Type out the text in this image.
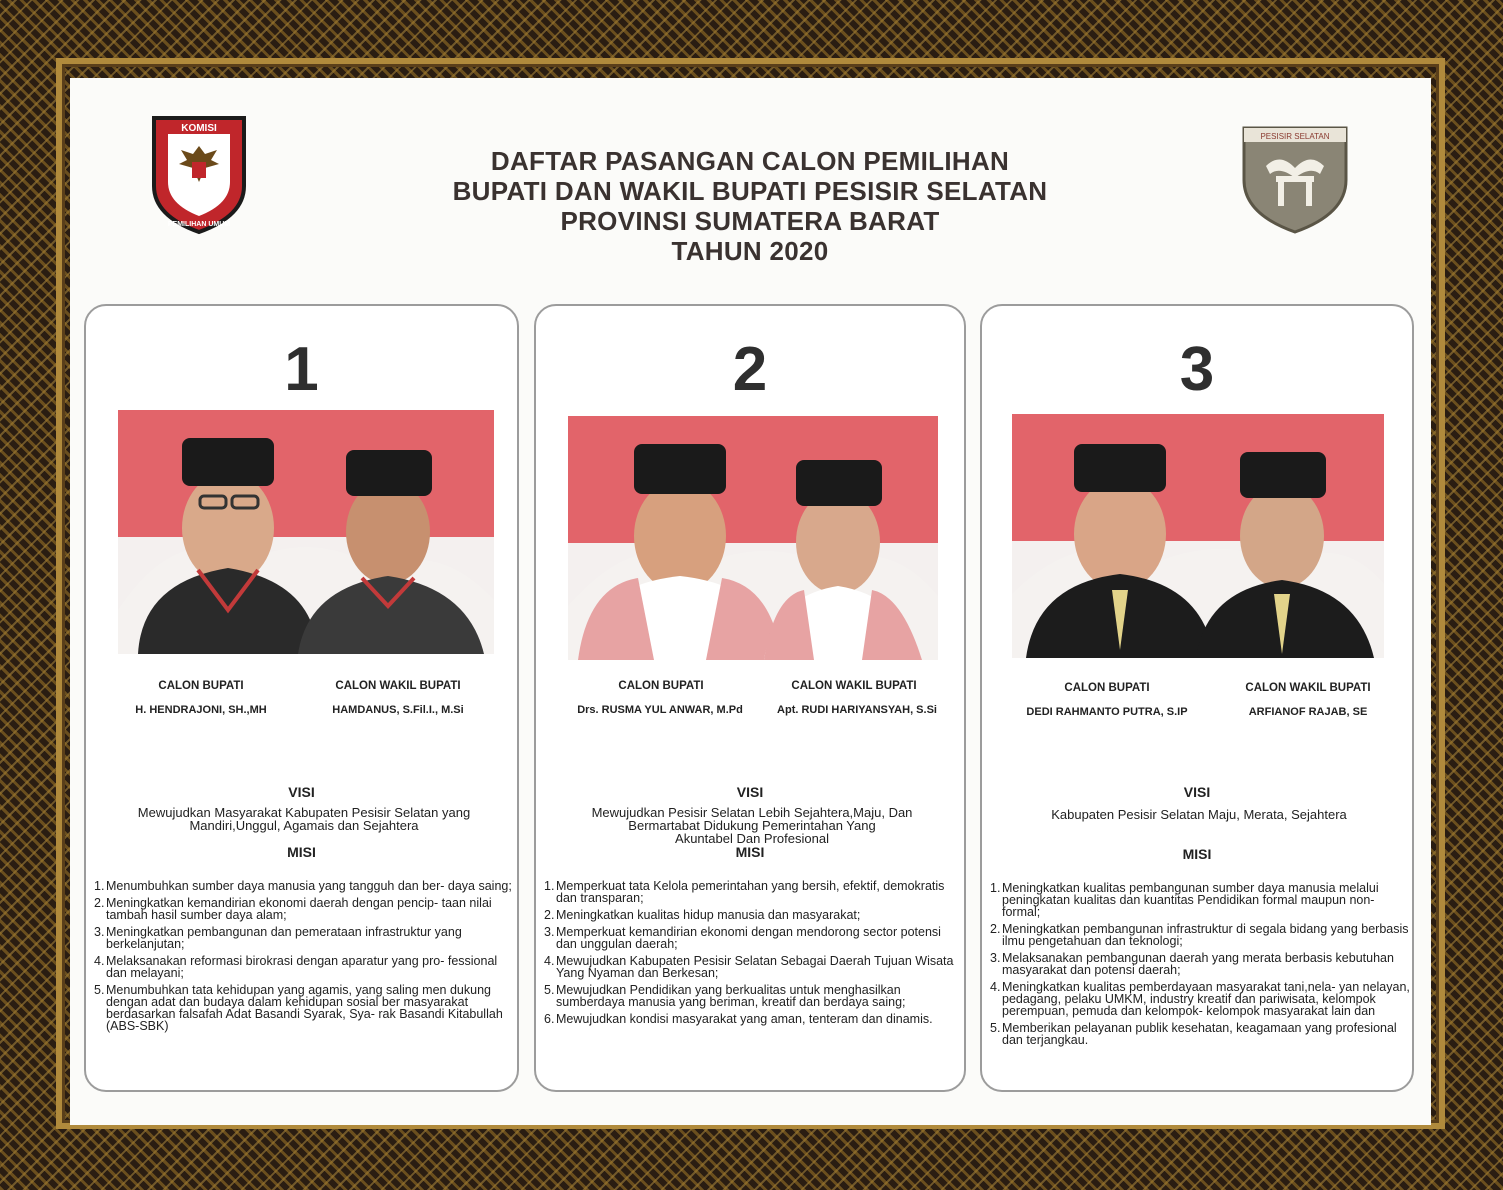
KOMISI
PEMILIHAN UMUM
PESISIR SELATAN
DAFTAR PASANGAN CALON PEMILIHAN
BUPATI DAN WAKIL BUPATI PESISIR SELATAN
PROVINSI SUMATERA BARAT
TAHUN 2020
1
CALON BUPATI	CALON WAKIL BUPATI
H. HENDRAJONI, SH.,MH	HAMDANUS, S.Fil.I., M.Si
VISI
Mewujudkan Masyarakat Kabupaten Pesisir Selatan yang
Mandiri,Unggul, Agamais dan Sejahtera
MISI
1. Menumbuhkan sumber daya manusia yang tangguh dan ber- daya saing;
2. Meningkatkan kemandirian ekonomi daerah dengan pencip- taan nilai tambah hasil sumber daya alam;
3. Meningkatkan pembangunan dan pemerataan infrastruktur yang berkelanjutan;
4. Melaksanakan reformasi birokrasi dengan aparatur yang pro- fessional dan melayani;
5. Menumbuhkan tata kehidupan yang agamis, yang saling men dukung dengan adat dan budaya dalam kehidupan sosial ber masyarakat berdasarkan falsafah Adat Basandi Syarak, Sya- rak Basandi Kitabullah (ABS-SBK)
2
CALON BUPATI	CALON WAKIL BUPATI
Drs. RUSMA YUL ANWAR, M.Pd	Apt. RUDI HARIYANSYAH, S.Si
VISI
Mewujudkan Pesisir Selatan Lebih Sejahtera,Maju, Dan
Bermartabat Didukung Pemerintahan Yang
Akuntabel Dan Profesional
MISI
1. Memperkuat tata Kelola pemerintahan yang bersih, efektif, demokratis dan transparan;
2. Meningkatkan kualitas hidup manusia dan masyarakat;
3. Memperkuat kemandirian ekonomi dengan mendorong sector potensi dan unggulan daerah;
4. Mewujudkan Kabupaten Pesisir Selatan Sebagai Daerah Tujuan Wisata Yang Nyaman dan Berkesan;
5. Mewujudkan Pendidikan yang berkualitas untuk menghasilkan sumberdaya manusia yang beriman, kreatif dan berdaya saing;
6. Mewujudkan kondisi masyarakat yang aman, tenteram dan dinamis.
3
CALON BUPATI	CALON WAKIL BUPATI
DEDI RAHMANTO PUTRA, S.IP	ARFIANOF RAJAB, SE
VISI
Kabupaten Pesisir Selatan Maju, Merata, Sejahtera
MISI
1. Meningkatkan kualitas pembangunan sumber daya manusia melalui peningkatan kualitas dan kuantitas Pendidikan formal maupun non-formal;
2. Meningkatkan pembangunan infrastruktur di segala bidang yang berbasis ilmu pengetahuan dan teknologi;
3. Melaksanakan pembangunan daerah yang merata berbasis kebutuhan masyarakat dan potensi daerah;
4. Meningkatkan kualitas pemberdayaan masyarakat tani,nela- yan nelayan, pedagang, pelaku UMKM, industry kreatif dan pariwisata, kelompok perempuan, pemuda dan kelompok- kelompok masyarakat lain dan
5. Memberikan pelayanan publik kesehatan, keagamaan yang profesional dan terjangkau.
